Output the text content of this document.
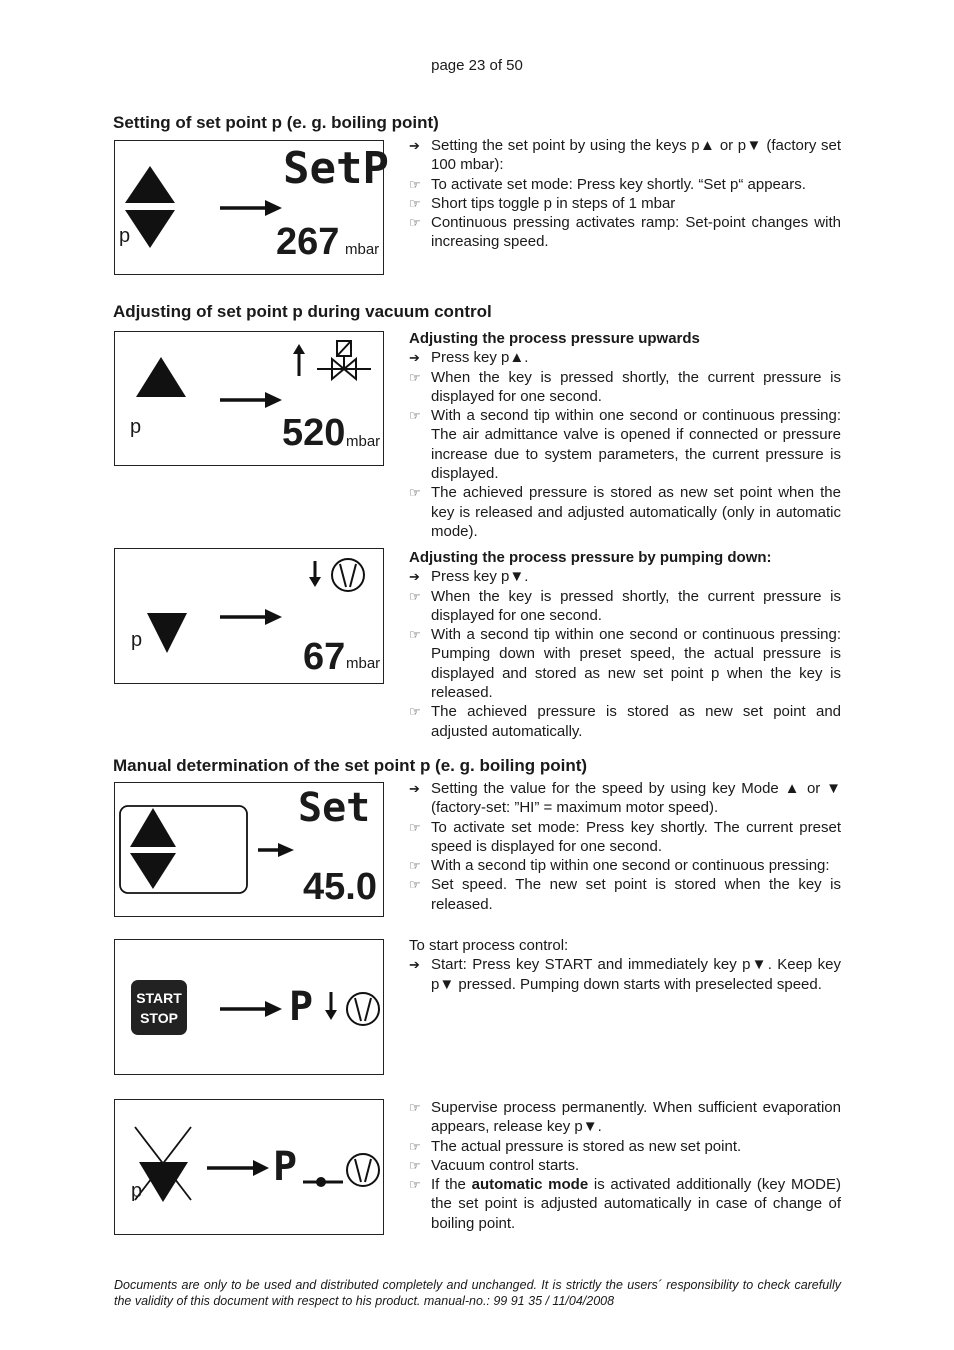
page 23 of 50
Setting of set point p (e. g. boiling point)
p
SetP
267 mbar
➔ Setting the set point by using the keys p▲ or p▼ (factory set 100 mbar):
☞ To activate set mode: Press key shortly. “Set p“ appears.
☞ Short tips toggle p in steps of 1 mbar
☞ Continuous pressing activates ramp: Set-point changes with increasing speed.
Adjusting of set point p during vacuum control
p	520 mbar
Adjusting the process pressure upwards
➔ Press key p▲.
☞ When the key is pressed shortly, the current pressure is displayed for one second.
☞ With a second tip within one second or continuous pressing: The air admittance valve is opened if connected or pressure increase due to system parameters, the current pressure is displayed.
☞ The achieved pressure is stored as new set point when the key is released and adjusted automatically (only in automatic mode).
p	67 mbar
Adjusting the process pressure by pumping down:
➔ Press key p▼.
☞ When the key is pressed shortly, the current pressure is displayed for one second.
☞ With a second tip within one second or continuous pressing: Pumping down with preset speed, the actual pressure is displayed and stored as new set point p when the key is released.
☞ The achieved pressure is stored as new set point and adjusted automatically.
Manual determination of the set point p (e. g. boiling point)
Set
45.0
➔ Setting the value for the speed by using key Mode ▲ or ▼ (factory-set: ”HI” = maximum motor speed).
☞ To activate set mode: Press key shortly. The current preset speed is displayed for one second.
☞ With a second tip within one second or continuous pressing:
☞ Set speed. The new set point is stored when the key is released.
START
STOP	P
To start process control:
➔ Start: Press key START and immediately key p▼. Keep key p▼ pressed. Pumping down starts with preselected speed.
p
P
☞ Supervise process permanently. When sufficient evaporation appears, release key p▼.
☞ The actual pressure is stored as new set point.
☞ Vacuum control starts.
☞ If the automatic mode is activated additionally (key MODE) the set point is adjusted automatically in case of change of boiling point.
Documents are only to be used and distributed completely and unchanged. It is strictly the users´ responsibility to check carefully the validity of this document with respect to his product. manual-no.: 99 91 35 / 11/04/2008
